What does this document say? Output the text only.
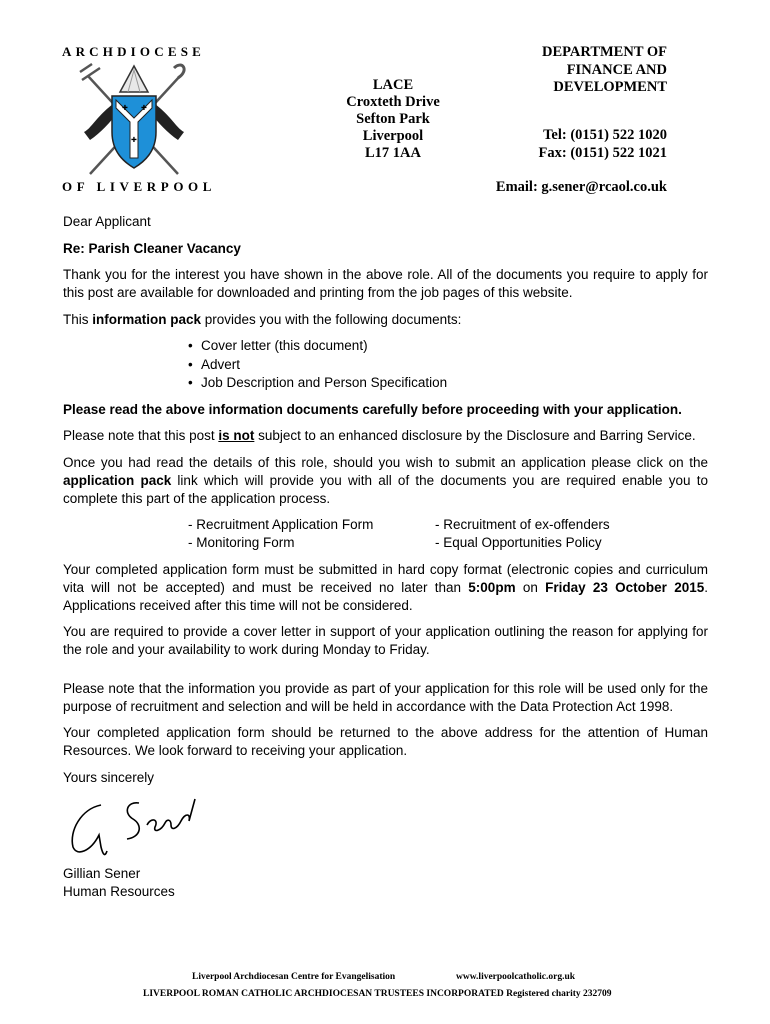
ARCHDIOCESE
✚ ✚
✚
OF LIVERPOOL
LACE
Croxteth Drive
Sefton Park
Liverpool
L17 1AA
DEPARTMENT OF
FINANCE AND
DEVELOPMENT
Tel: (0151) 522 1020
Fax: (0151) 522 1021
Email: g.sener@rcaol.co.uk

Dear Applicant

Re: Parish Cleaner Vacancy

Thank you for the interest you have shown in the above role. All of the documents you require to apply for this post are available for downloaded and printing from the job pages of this website.

This information pack provides you with the following documents:

• Cover letter (this document)
• Advert
• Job Description and Person Specification

Please read the above information documents carefully before proceeding with your application.

Please note that this post is not subject to an enhanced disclosure by the Disclosure and Barring Service.

Once you had read the details of this role, should you wish to submit an application please click on the application pack link which will provide you with all of the documents you are required enable you to complete this part of the application process.

- Recruitment Application Form	- Recruitment of ex-offenders
- Monitoring Form	- Equal Opportunities Policy

Your completed application form must be submitted in hard copy format (electronic copies and curriculum vita will not be accepted) and must be received no later than 5:00pm on Friday 23 October 2015. Applications received after this time will not be considered.

You are required to provide a cover letter in support of your application outlining the reason for applying for the role and your availability to work during Monday to Friday.

Please note that the information you provide as part of your application for this role will be used only for the purpose of recruitment and selection and will be held in accordance with the Data Protection Act 1998.

Your completed application form should be returned to the above address for the attention of Human Resources. We look forward to receiving your application.

Yours sincerely

Gillian Sener

Human Resources

Liverpool Archdiocesan Centre for Evangelisation	www.liverpoolcatholic.org.uk
LIVERPOOL ROMAN CATHOLIC ARCHDIOCESAN TRUSTEES INCORPORATED Registered charity 232709
